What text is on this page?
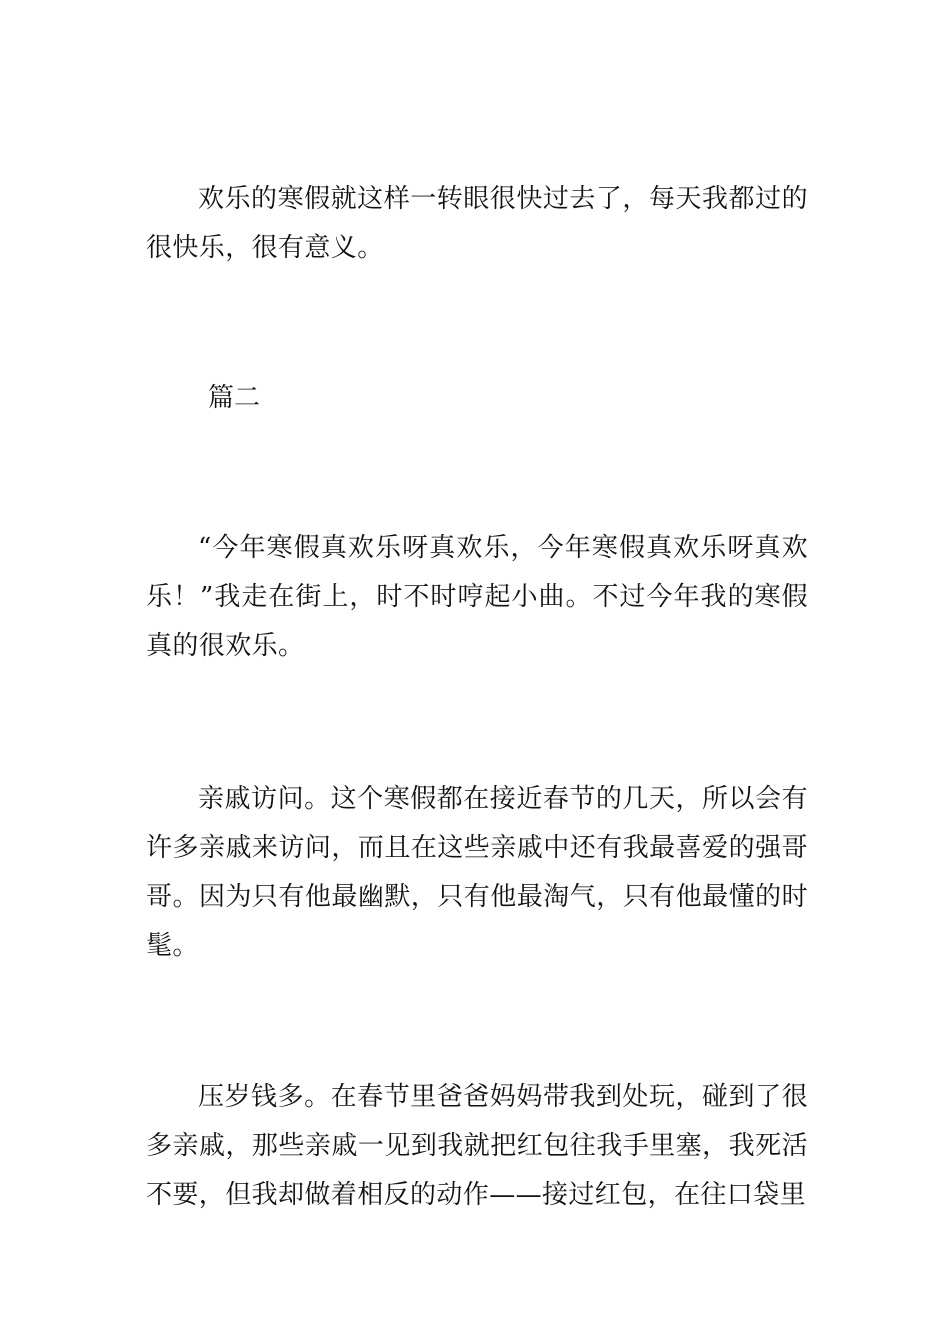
欢乐的寒假就这样一转眼很快过去了，每天我都过的很快乐，很有意义。

篇二

“今年寒假真欢乐呀真欢乐，今年寒假真欢乐呀真欢乐！”我走在街上，时不时哼起小曲。不过今年我的寒假真的很欢乐。

亲戚访问。这个寒假都在接近春节的几天，所以会有许多亲戚来访问，而且在这些亲戚中还有我最喜爱的强哥哥。因为只有他最幽默，只有他最淘气，只有他最懂的时髦。

压岁钱多。在春节里爸爸妈妈带我到处玩，碰到了很多亲戚，那些亲戚一见到我就把红包往我手里塞，我死活不要，但我却做着相反的动作——接过红包，在往口袋里
